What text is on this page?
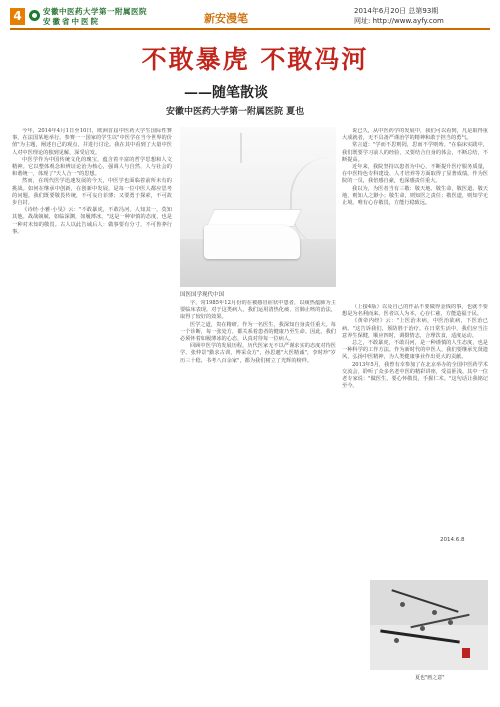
4	安徽中医药大学第一附属医院
安徽省中医院	新安漫笔
2014年6月20日 总第93期
网址: http://www.ayfy.com
不敢暴虎 不敢冯河
——随笔散谈
安徽中医药大学第一附属医院 夏也

今年，2014年4月1日至10日，欧洲首届中医药大学生国际性赛事，在法国某地举行。参赛一一国家的学生以"中医学在当今世界的价值"为主题，阐述自己的观点，并进行讨论。我在其中看到了大量中医人对中医理论的独到见解，深受启发。

中医学作为中国传统文化的瑰宝，蕴含着丰富的哲学思想和人文精神。它以整体观念和辨证论治为核心，强调人与自然、人与社会的和谐统一，体现了"天人合一"的思想。

然而，在现代医学迅速发展的今天，中医学也面临着前所未有的挑战。如何在继承中创新，在创新中发展，是每一位中医人都应思考的问题。我们既要敬畏传统，不可妄自菲薄；又要勇于探索，不可故步自封。

《诗经·小雅·小旻》云："不敢暴虎，不敢冯河。人知其一，莫知其他。战战兢兢，如临深渊，如履薄冰。"这是一种审慎的态度，也是一种对未知的敬畏。古人以此告诫后人：做事要有分寸，不可鲁莽行事。

国医国学现代中国

字，常1985年12月份的在被感冒症状中患者，以痰热蕴肺为主要临床表现。对于这类病人，我们运用清热化痰、宣肺止咳的治法，取得了较好的效果。

医学之道，贵在精研。作为一名医生，我深知自身责任重大。每一个诊断，每一张处方，都关系着患者的健康乃至生命。因此，我们必须怀着如履薄冰的心态，认真对待每一位病人。

回顾中医学的发展历程，历代医家无不以严谨求实的态度对待医学。张仲景"勤求古训，博采众方"，孙思邈"大医精诚"，李时珍"岁历三十稔，书考八百余家"，都为我们树立了光辉的榜样。

说已久，从中医药学的发展中，我们可以看到，凡是取得重大成就者，无不具备严谨治学的精神和敢于担当的勇气。

常言道："学而不思则罔，思而不学则殆。"在临床实践中，我们既要学习前人的经验，又要结合自身的体会，不断总结，不断提高。

近年来，我院坚持以患者为中心，不断提升医疗服务质量，在中医特色专科建设、人才培养等方面取得了显著成绩。作为医院的一员，我倍感自豪，也深感责任重大。

我以为，为医者当有三敬：敬天地、敬生命、敬医道。敬天地，则知人之渺小；敬生命，则知医之责任；敬医道，则知学无止境。唯有心存敬畏，方能行稳致远。

（上接4版）以及自己的作品不要做得金钱的事，也就不要想是为名利而来。医者以人为本，心存仁慈，方能造福于民。

《黄帝内经》云："上医治未病，中医治欲病，下医治已病。"这告诉我们，预防胜于治疗。在日常生活中，我们应当注意养生保健，顺应四时，调摄情志，合理饮食，适度运动。

总之，不敢暴虎，不敢冯河，是一种谨慎的人生态度，也是一种科学的工作方法。作为新时代的中医人，我们要继承先贤遗风，弘扬中医精神，为人类健康事业作出更大的贡献。

2013年5月，我曾有幸参加了在北京举办的全国中医药学术交流会，聆听了众多名老中医的精彩讲座，受益匪浅。其中一位老专家说："做医生，要心怀敬畏，手握仁术。"这句话让我铭记至今。

2014.6.8
夏也"画之意"
